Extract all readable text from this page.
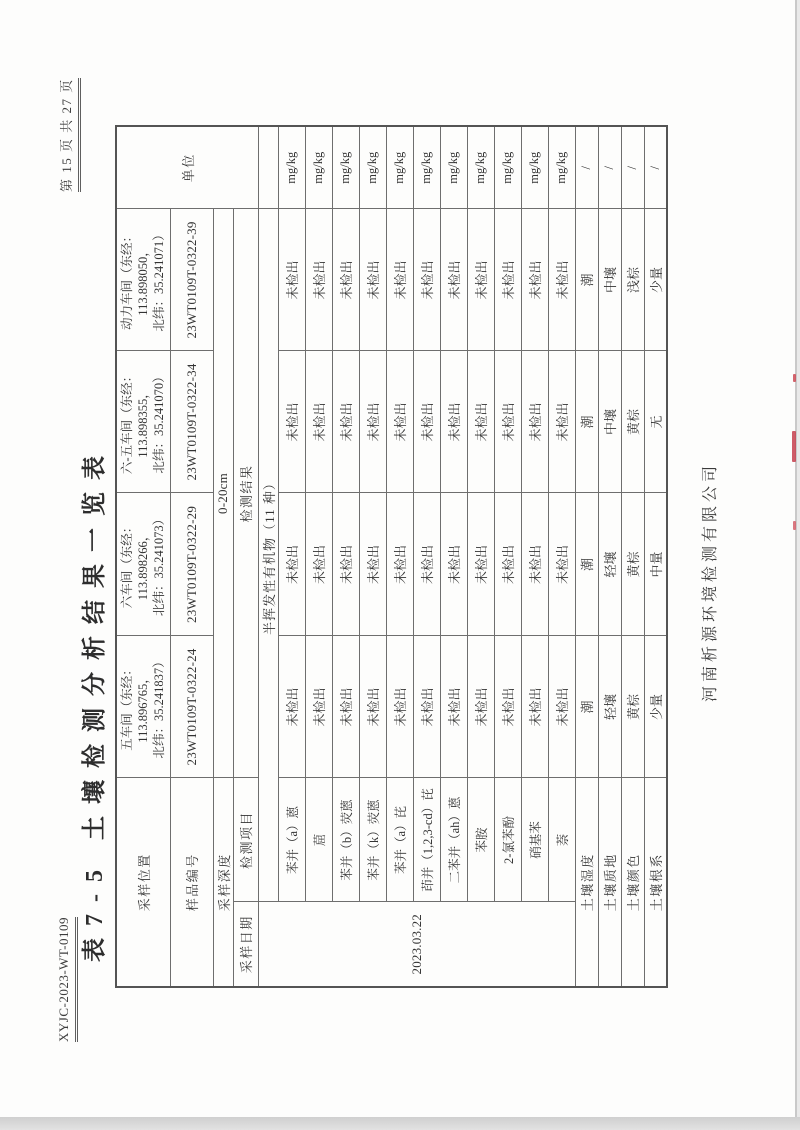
XYJC-2023-WT-0109
第 15 页 共 27 页
表7-5 土壤检测分析结果一览表 采样位置		五车间（东经： 113.896765， 北纬：35.241837）	六车间（东经： 113.898266， 北纬：35.241073）	六-五车间（东经： 113.898355， 北纬：35.241070）	动力车间（东经： 113.898050， 北纬：35.241071）	单位
样品编号		23WT0109T-0322-24	23WT0109T-0322-29	23WT0109T-0322-34	23WT0109T-0322-39	
采样深度		0-20cm				
采样日期	检测项目	检测结果				
2023.03.22	半挥发性有机物（11 种）					
	苯并（a）蒽	未检出	未检出	未检出	未检出	mg/kg
	䓛	未检出	未检出	未检出	未检出	mg/kg
	苯并（b）荧蒽	未检出	未检出	未检出	未检出	mg/kg
	苯并（k）荧蒽	未检出	未检出	未检出	未检出	mg/kg
	苯并（a）芘	未检出	未检出	未检出	未检出	mg/kg
	茚并（1,2,3-cd）芘	未检出	未检出	未检出	未检出	mg/kg
	二苯并（ah）蒽	未检出	未检出	未检出	未检出	mg/kg
	苯胺	未检出	未检出	未检出	未检出	mg/kg
	2-氯苯酚	未检出	未检出	未检出	未检出	mg/kg
	硝基苯	未检出	未检出	未检出	未检出	mg/kg
	萘	未检出	未检出	未检出	未检出	mg/kg
土壤湿度		潮	潮	潮	潮	/
土壤质地		轻壤	轻壤	中壤	中壤	/
土壤颜色		黄棕	黄棕	黄棕	浅棕	/
土壤根系		少量	中量	无	少量	/
河南析源环境检测有限公司
